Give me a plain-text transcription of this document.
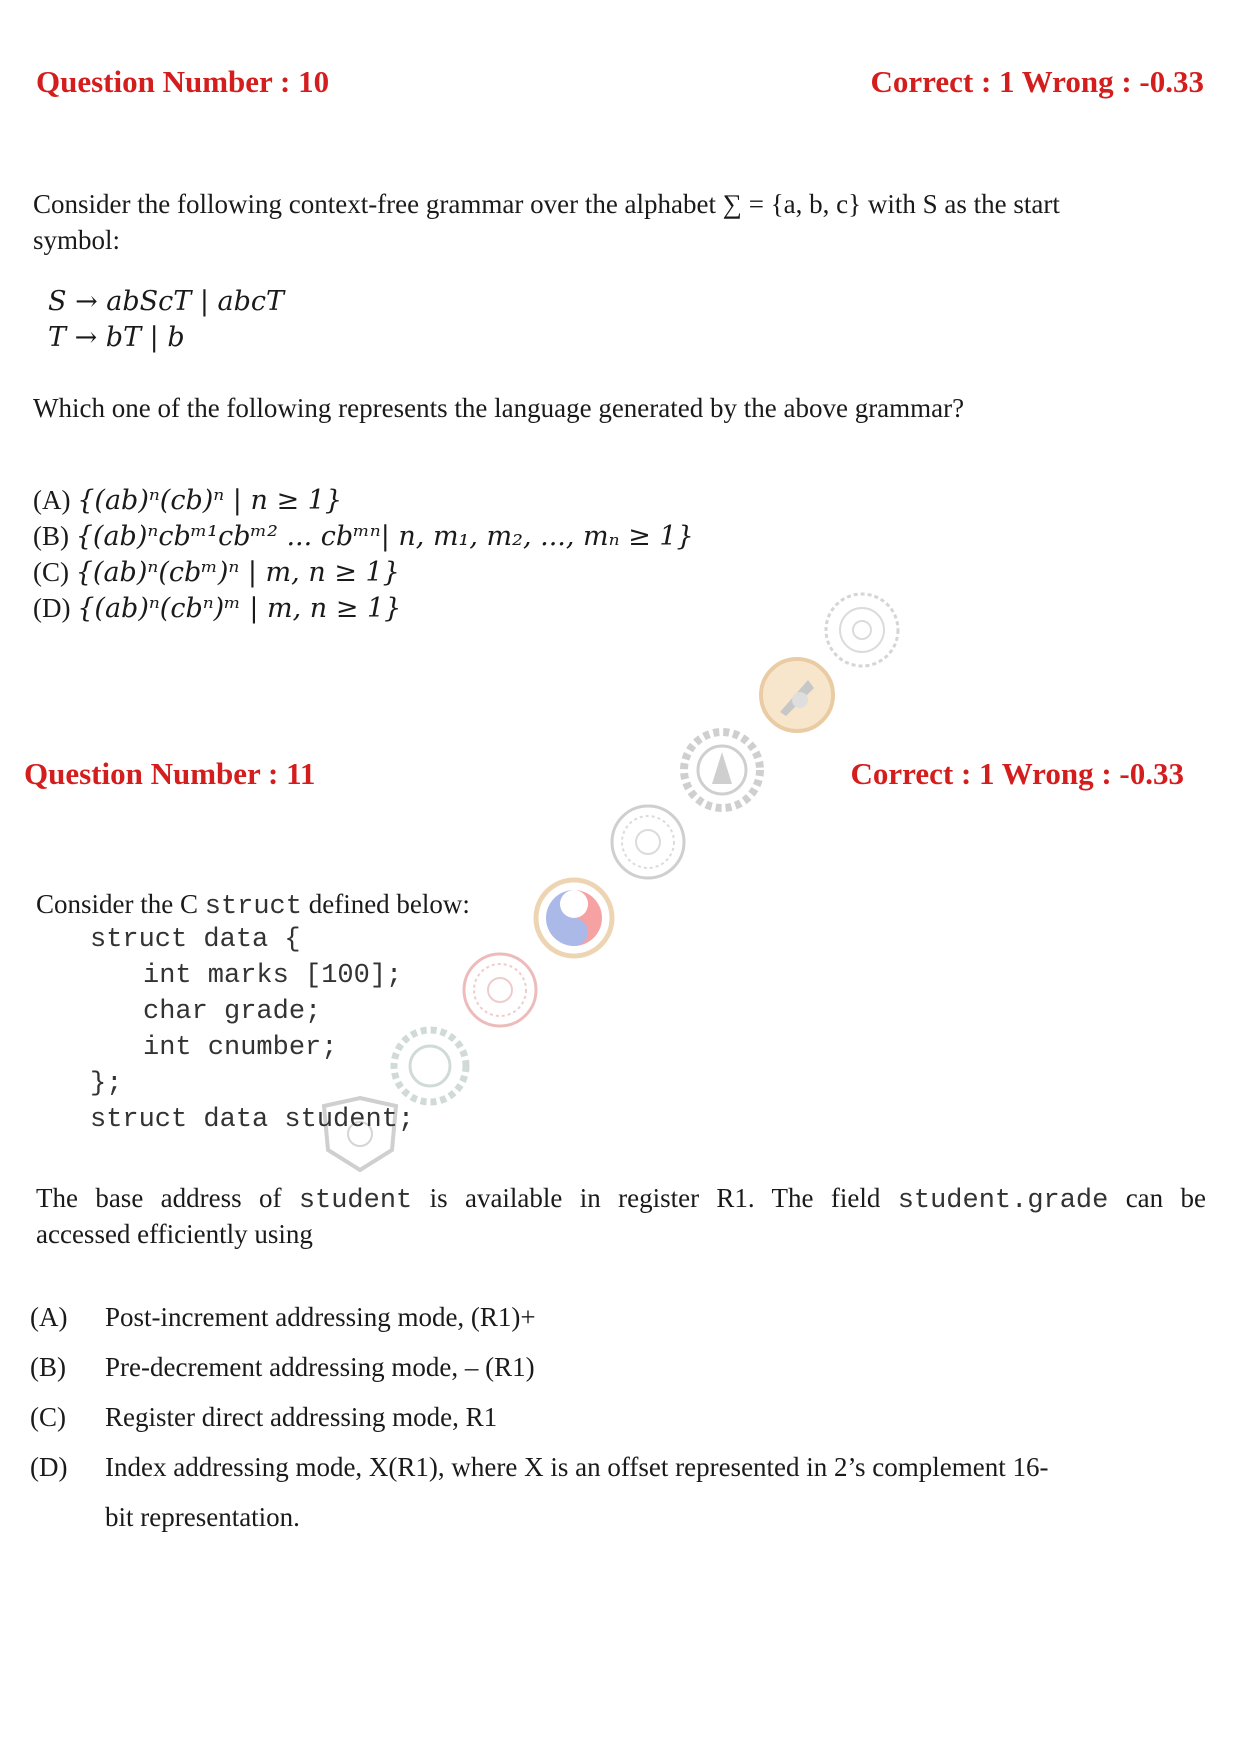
Question Number : 10	Correct : 1 Wrong : -0.33
Consider the following context-free grammar over the alphabet ∑ = {a, b, c} with S as the start
symbol:
S → abScT | abcT
T → bT | b
Which one of the following represents the language generated by the above grammar?
(A) {(ab)ⁿ(cb)ⁿ | n ≥ 1}
(B) {(ab)ⁿcbᵐ¹cbᵐ² ... cbᵐⁿ| n, m₁, m₂, ..., mₙ ≥ 1}
(C) {(ab)ⁿ(cbᵐ)ⁿ | m, n ≥ 1}
(D) {(ab)ⁿ(cbⁿ)ᵐ | m, n ≥ 1}
Question Number : 11	Correct : 1 Wrong : -0.33
Consider the C struct defined below:
struct data {
int marks [100];
char grade;
int cnumber;
};
struct data student;
The base address of student is available in register R1. The field student.grade can be
accessed efficiently using
(A) Post-increment addressing mode, (R1)+
(B) Pre-decrement addressing mode, – (R1)
(C) Register direct addressing mode, R1
(D) Index addressing mode, X(R1), where X is an offset represented in 2’s complement 16-
bit representation.
